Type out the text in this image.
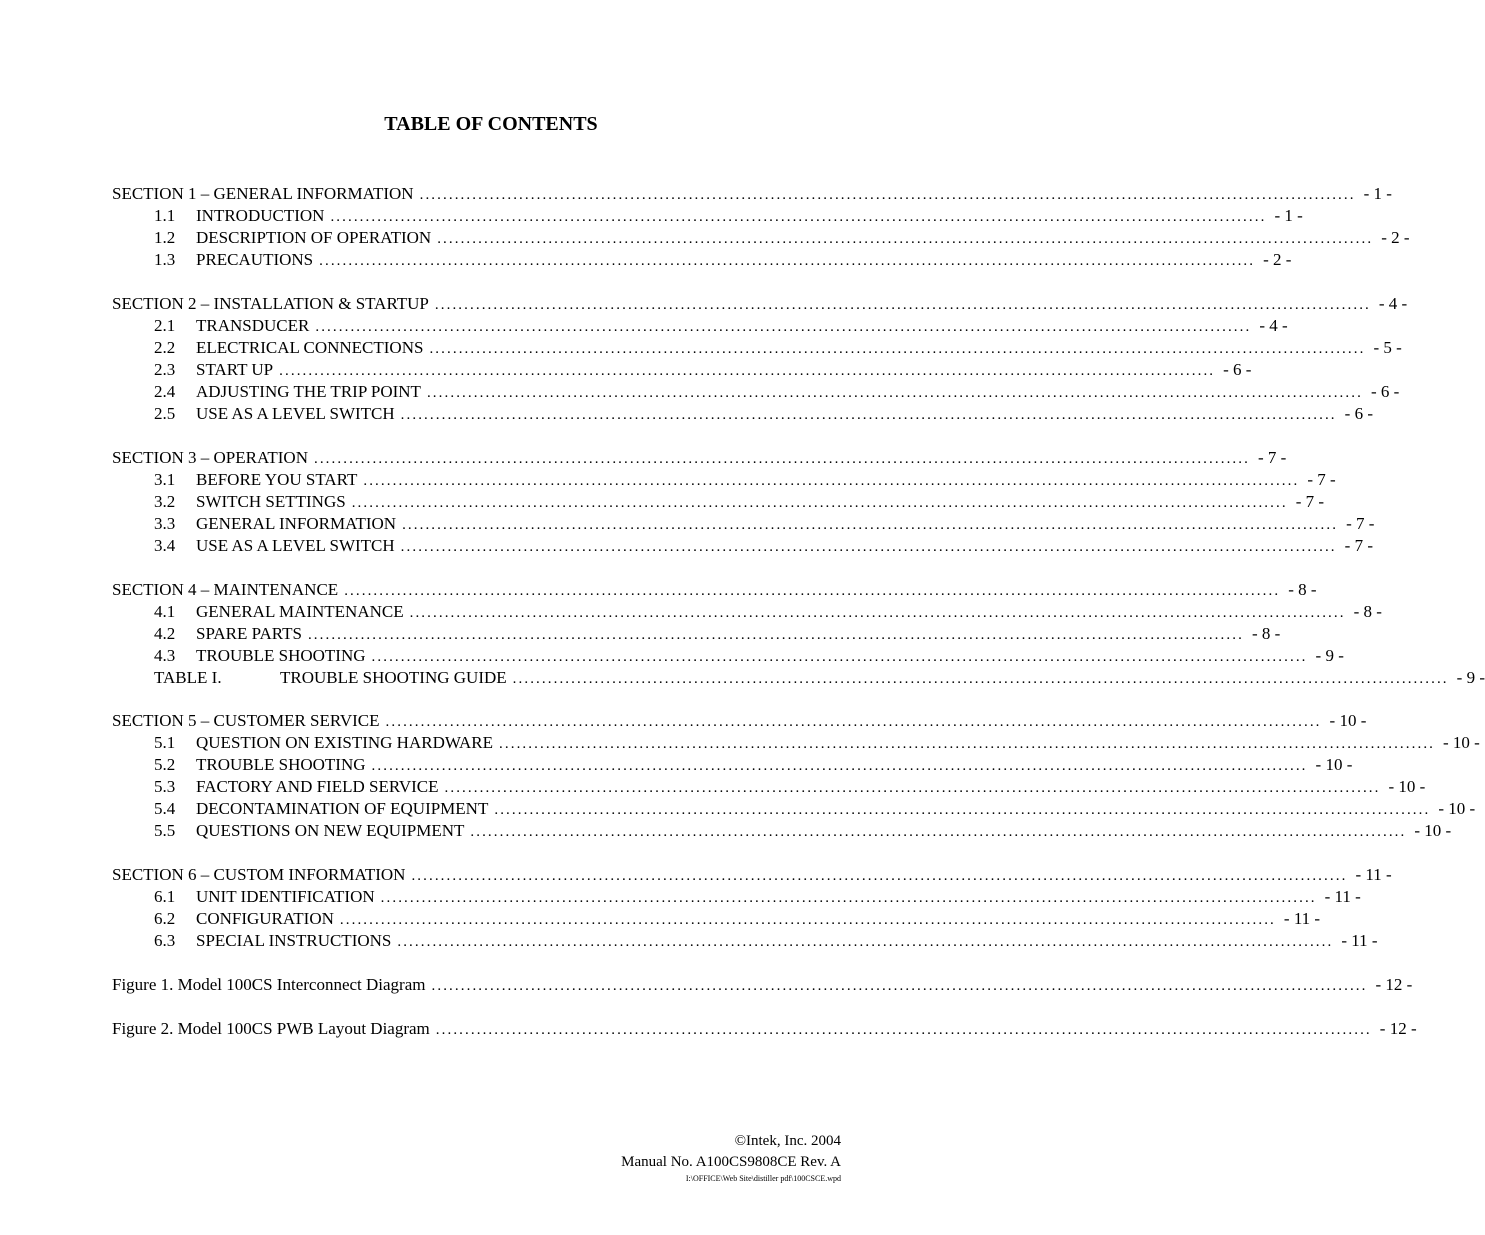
TABLE OF CONTENTS
SECTION 1 – GENERAL INFORMATION ................................................................................................................................................................ - 1 -
1.1	INTRODUCTION ................................................................................................................................................................ - 1 -
1.2	DESCRIPTION OF OPERATION ................................................................................................................................................................ - 2 -
1.3	PRECAUTIONS ................................................................................................................................................................ - 2 -
SECTION 2 – INSTALLATION & STARTUP ................................................................................................................................................................ - 4 -
2.1	TRANSDUCER ................................................................................................................................................................ - 4 -
2.2	ELECTRICAL CONNECTIONS ................................................................................................................................................................ - 5 -
2.3	START UP ................................................................................................................................................................ - 6 -
2.4	ADJUSTING THE TRIP POINT ................................................................................................................................................................ - 6 -
2.5	USE AS A LEVEL SWITCH ................................................................................................................................................................ - 6 -
SECTION 3 – OPERATION ................................................................................................................................................................ - 7 -
3.1	BEFORE YOU START ................................................................................................................................................................ - 7 -
3.2	SWITCH SETTINGS ................................................................................................................................................................ - 7 -
3.3	GENERAL INFORMATION ................................................................................................................................................................ - 7 -
3.4	USE AS A LEVEL SWITCH ................................................................................................................................................................ - 7 -
SECTION 4 – MAINTENANCE ................................................................................................................................................................ - 8 -
4.1	GENERAL MAINTENANCE ................................................................................................................................................................ - 8 -
4.2	SPARE PARTS ................................................................................................................................................................ - 8 -
4.3	TROUBLE SHOOTING ................................................................................................................................................................ - 9 -
TABLE I.	TROUBLE SHOOTING GUIDE ................................................................................................................................................................ - 9 -
SECTION 5 – CUSTOMER SERVICE ................................................................................................................................................................ - 10 -
5.1	QUESTION ON EXISTING HARDWARE ................................................................................................................................................................ - 10 -
5.2	TROUBLE SHOOTING ................................................................................................................................................................ - 10 -
5.3	FACTORY AND FIELD SERVICE ................................................................................................................................................................ - 10 -
5.4	DECONTAMINATION OF EQUIPMENT ................................................................................................................................................................ - 10 -
5.5	QUESTIONS ON NEW EQUIPMENT ................................................................................................................................................................ - 10 -
SECTION 6 – CUSTOM INFORMATION ................................................................................................................................................................ - 11 -
6.1	UNIT IDENTIFICATION ................................................................................................................................................................ - 11 -
6.2	CONFIGURATION ................................................................................................................................................................ - 11 -
6.3	SPECIAL INSTRUCTIONS ................................................................................................................................................................ - 11 -
Figure 1. Model 100CS Interconnect Diagram ................................................................................................................................................................ - 12 -
Figure 2. Model 100CS PWB Layout Diagram ................................................................................................................................................................ - 12 -
©Intek, Inc. 2004
Manual No. A100CS9808CE Rev. A
I:\OFFICE\Web Site\distiller pdf\100CSCE.wpd
